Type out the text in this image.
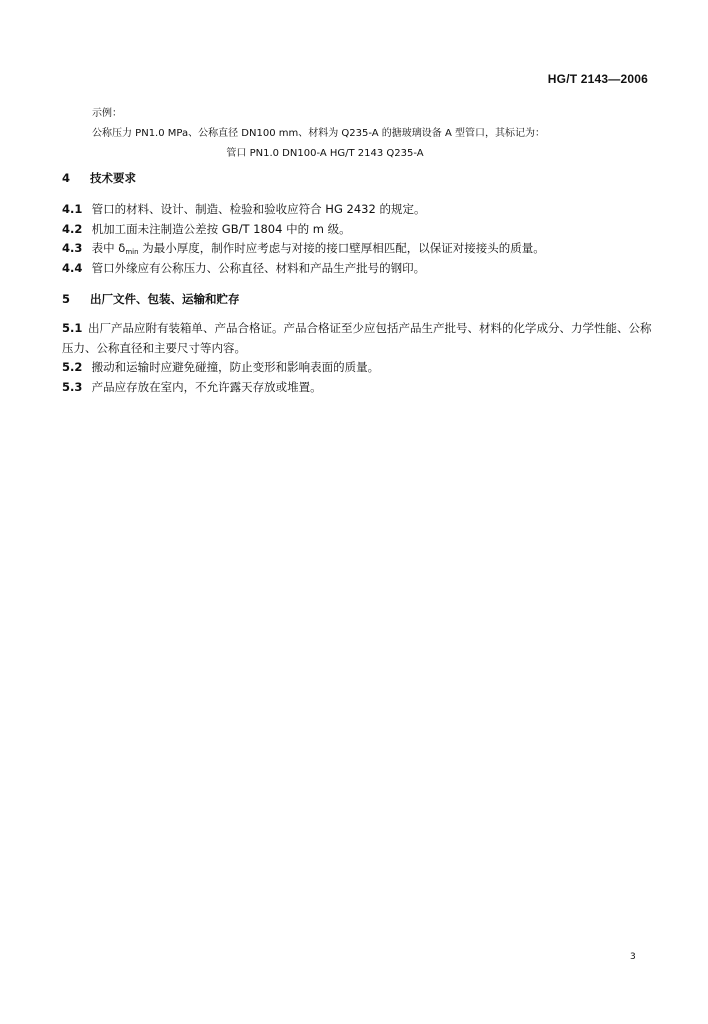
HG/T 2143—2006
示例：
公称压力 PN1.0 MPa、公称直径 DN100 mm、材料为 Q235-A 的搪玻璃设备 A 型管口，其标记为：
管口 PN1.0 DN100-A HG/T 2143 Q235-A
4 技术要求
4.1 管口的材料、设计、制造、检验和验收应符合 HG 2432 的规定。
4.2 机加工面未注制造公差按 GB/T 1804 中的 m 级。
4.3 表中 $\delta_{min}$ 为最小厚度，制作时应考虑与对接的接口壁厚相匹配，以保证对接接头的质量。
4.4 管口外缘应有公称压力、公称直径、材料和产品生产批号的钢印。
5 出厂文件、包装、运输和贮存
5.1 出厂产品应附有装箱单、产品合格证。产品合格证至少应包括产品生产批号、材料的化学成分、力学性能、公称压力、公称直径和主要尺寸等内容。
5.2 搬动和运输时应避免碰撞，防止变形和影响表面的质量。
5.3 产品应存放在室内，不允许露天存放或堆置。
3
